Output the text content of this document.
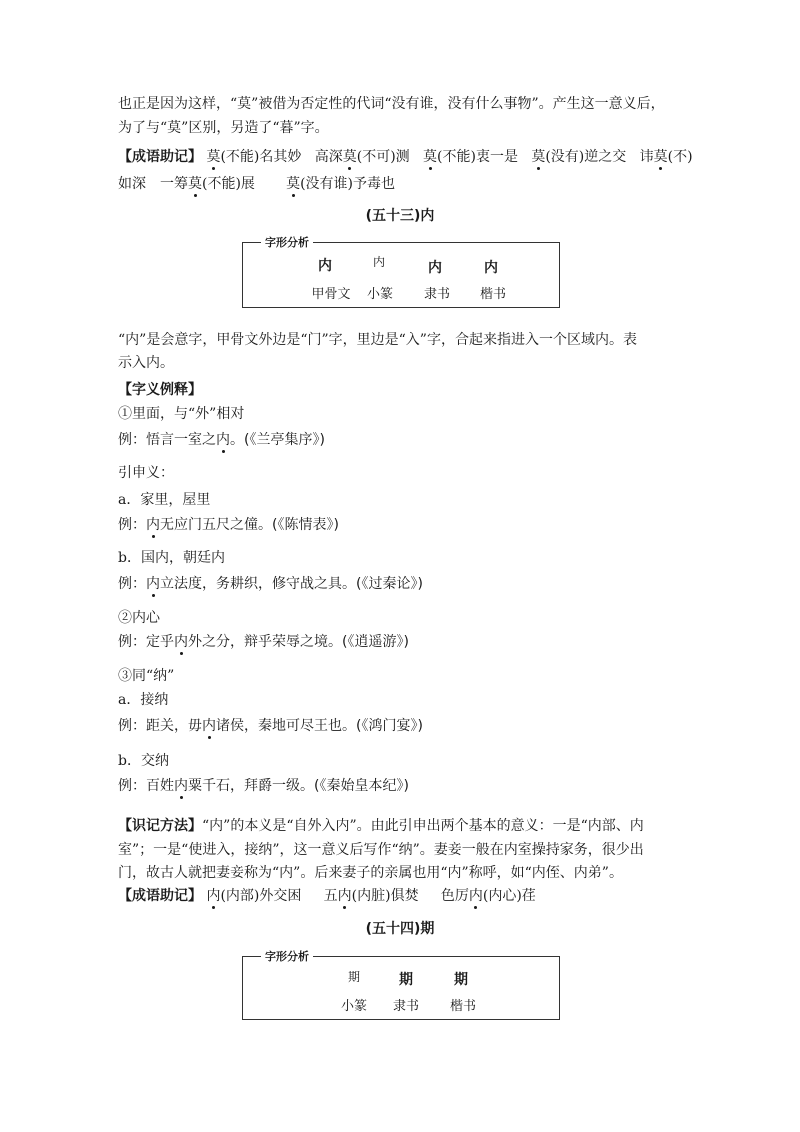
也正是因为这样，“莫”被借为否定性的代词“没有谁，没有什么事物”。产生这一意义后，
为了与“莫”区别，另造了“暮”字。
【成语助记】 莫(不能)名其妙 高深莫(不可)测 莫(不能)衷一是 莫(没有)逆之交 讳莫(不)
如深　一筹莫(不能)展 莫(没有谁)予毒也
(五十三)内
字形分析
内	内	内	内
甲骨文	小篆	隶书	楷书
“内”是会意字，甲骨文外边是“门”字，里边是“入”字，合起来指进入一个区域内。表
示入内。
【字义例释】
①里面，与“外”相对
例：悟言一室之内。(《兰亭集序》)
引申义：
a．家里，屋里
例：内无应门五尺之僮。(《陈情表》)
b．国内，朝廷内
例：内立法度，务耕织，修守战之具。(《过秦论》)
②内心
例：定乎内外之分，辩乎荣辱之境。(《逍遥游》)
③同“纳”
a．接纳
例：距关，毋内诸侯，秦地可尽王也。(《鸿门宴》)
b．交纳
例：百姓内粟千石，拜爵一级。(《秦始皇本纪》)
【识记方法】“内”的本义是“自外入内”。由此引申出两个基本的意义：一是“内部、内
室”；一是“使进入，接纳”，这一意义后写作“纳”。妻妾一般在内室操持家务，很少出
门，故古人就把妻妾称为“内”。后来妻子的亲属也用“内”称呼，如“内侄、内弟”。
【成语助记】 内(内部)外交困 五内(内脏)俱焚 色厉内(内心)荏
(五十四)期
字形分析
期	期	期
小篆	隶书	楷书
